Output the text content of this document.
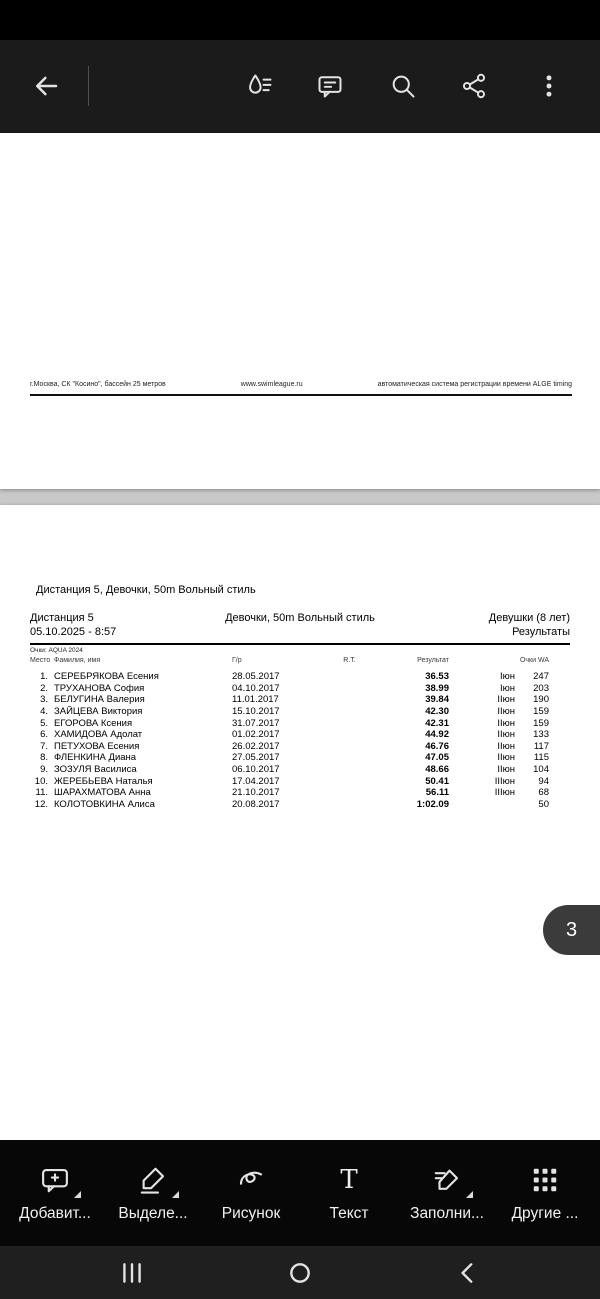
г.Москва, СК "Косино", бассейн 25 метров	www.swimleague.ru	автоматическая система регистрации времени ALGE timing
Дистанция 5, Девочки, 50m Вольный стиль
Дистанция 5	Девочки, 50m Вольный стиль	Девушки (8 лет)
05.10.2025 - 8:57	Результаты
Очки: AQUA 2024
Место Фамилия, имя	Г/р	R.T.	Результат	Очки WA
1. СЕРЕБРЯКОВА Есения	28.05.2017	36.53	Iюн	247
2. ТРУХАНОВА София	04.10.2017	38.99	Iюн	203
3. БЕЛУГИНА Валерия	11.01.2017	39.84	IIюн	190
4. ЗАЙЦЕВА Виктория	15.10.2017	42.30	IIюн	159
5. ЕГОРОВА Ксения	31.07.2017	42.31	IIюн	159
6. ХАМИДОВА Адолат	01.02.2017	44.92	IIюн	133
7. ПЕТУХОВА Есения	26.02.2017	46.76	IIюн	117
8. ФЛЕНКИНА Диана	27.05.2017	47.05	IIюн	115
9. ЗОЗУЛЯ Василиса	06.10.2017	48.66	IIюн	104
10. ЖЕРЕБЬЕВА Наталья	17.04.2017	50.41	IIIюн	94
11. ШАРАХМАТОВА Анна	21.10.2017	56.11	IIIюн	68
12. КОЛОТОВКИНА Алиса	20.08.2017	1:02.09	50
3
Добавит... Выделе... Рисунок
T
Текст	Заполни... Другие ...
